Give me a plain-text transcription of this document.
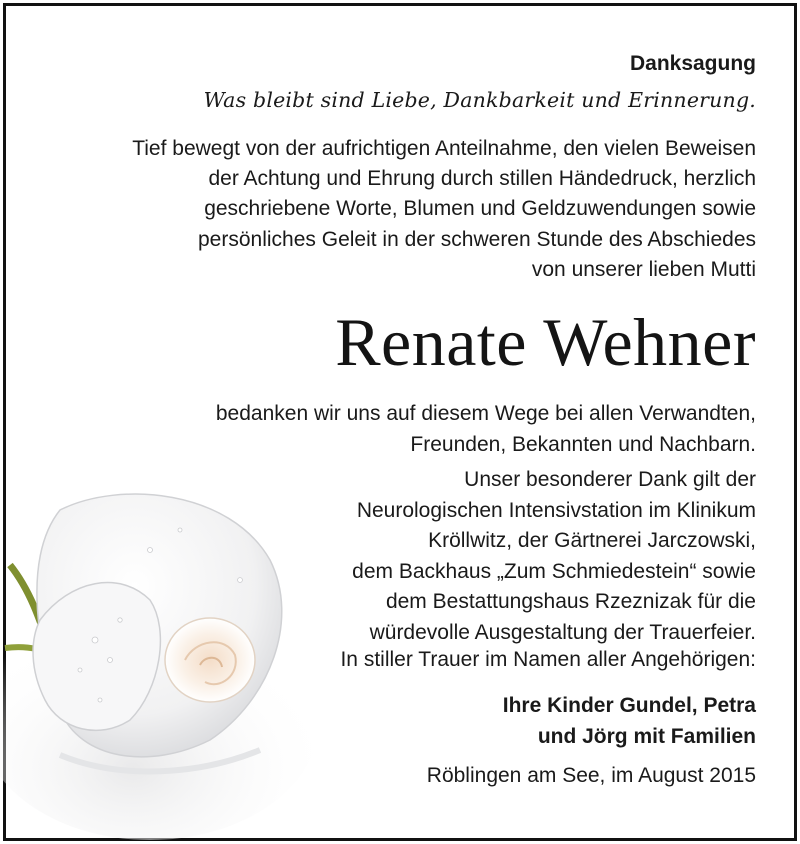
Danksagung
Was bleibt sind Liebe, Dankbarkeit und Erinnerung.
Tief bewegt von der aufrichtigen Anteilnahme, den vielen Beweisen
der Achtung und Ehrung durch stillen Händedruck, herzlich
geschriebene Worte, Blumen und Geldzuwendungen sowie
persönliches Geleit in der schweren Stunde des Abschiedes
von unserer lieben Mutti
Renate Wehner
bedanken wir uns auf diesem Wege bei allen Verwandten,
Freunden, Bekannten und Nachbarn.
Unser besonderer Dank gilt der
Neurologischen Intensivstation im Klinikum
Kröllwitz, der Gärtnerei Jarczowski,
dem Backhaus „Zum Schmiedestein“ sowie
dem Bestattungshaus Rzeznizak für die
würdevolle Ausgestaltung der Trauerfeier.
In stiller Trauer im Namen aller Angehörigen:
Ihre Kinder Gundel, Petra
und Jörg mit Familien
Röblingen am See, im August 2015
